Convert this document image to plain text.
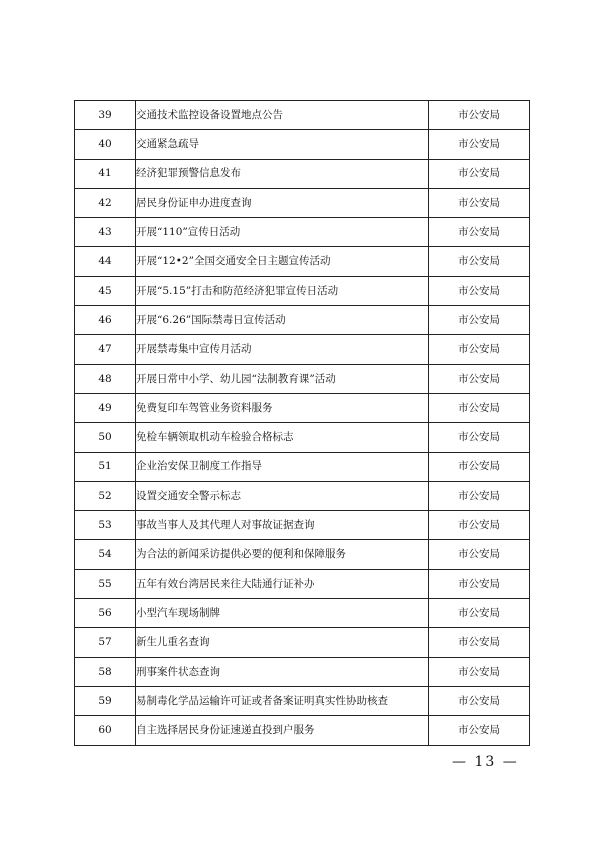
39	交通技术监控设备设置地点公告	市公安局
40	交通紧急疏导	市公安局
41	经济犯罪预警信息发布	市公安局
42	居民身份证申办进度查询	市公安局
43	开展“110”宣传日活动	市公安局
44	开展“12•2”全国交通安全日主题宣传活动	市公安局
45	开展“5.15”打击和防范经济犯罪宣传日活动	市公安局
46	开展“6.26”国际禁毒日宣传活动	市公安局
47	开展禁毒集中宣传月活动	市公安局
48	开展日常中小学、幼儿园“法制教育课”活动	市公安局
49	免费复印车驾管业务资料服务	市公安局
50	免检车辆领取机动车检验合格标志	市公安局
51	企业治安保卫制度工作指导	市公安局
52	设置交通安全警示标志	市公安局
53	事故当事人及其代理人对事故证据查询	市公安局
54	为合法的新闻采访提供必要的便利和保障服务	市公安局
55	五年有效台湾居民来往大陆通行证补办	市公安局
56	小型汽车现场制牌	市公安局
57	新生儿重名查询	市公安局
58	刑事案件状态查询	市公安局
59	易制毒化学品运输许可证或者备案证明真实性协助核查	市公安局
60	自主选择居民身份证速递直投到户服务	市公安局
— 13 —
